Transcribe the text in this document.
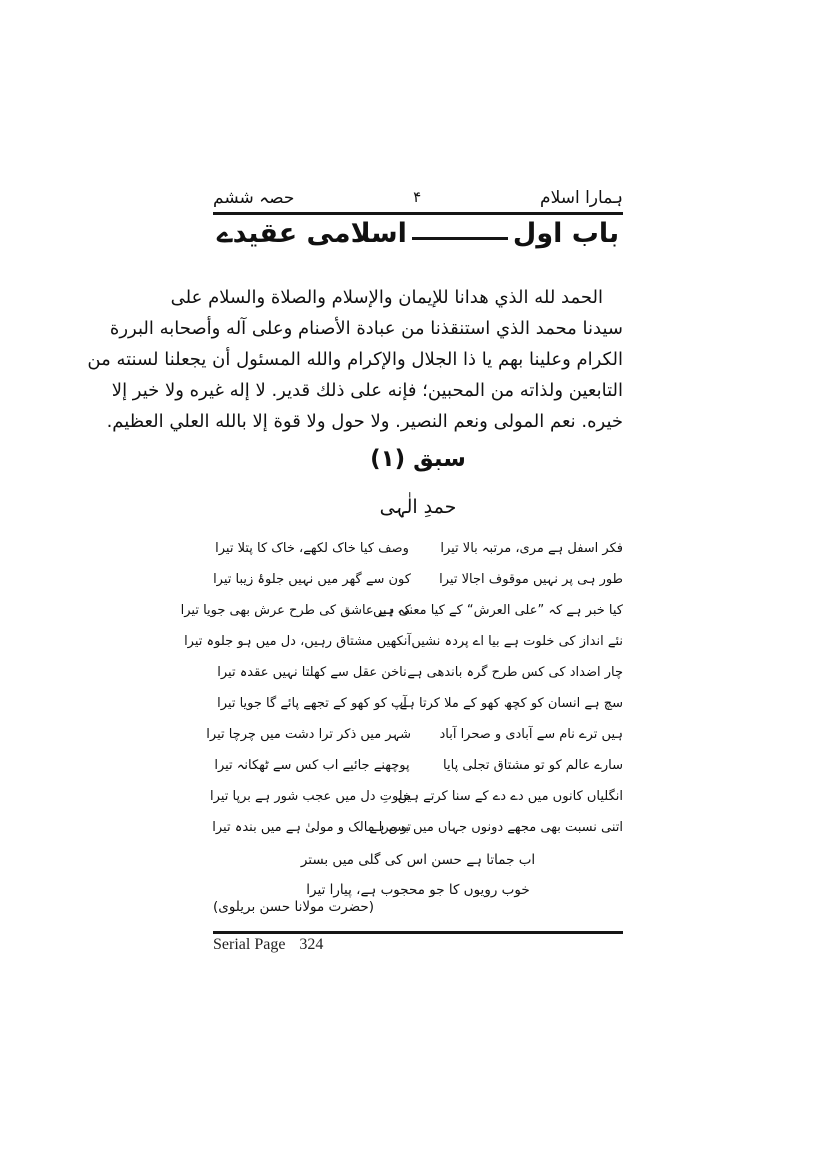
ہمارا اسلام
۴
حصہ ششم
باب اول
اسلامی عقیدے
الحمد لله الذي هدانا للإيمان والإسلام والصلاة والسلام على
سيدنا محمد الذي استنقذنا من عبادة الأصنام وعلى آله وأصحابه البررة
الكرام وعلينا بهم يا ذا الجلال والإكرام والله المسئول أن يجعلنا لسنته من
التابعين ولذاته من المحبين؛ فإنه على ذلك قدير. لا إله غيره ولا خير إلا
خيره. نعم المولى ونعم النصير. ولا حول ولا قوة إلا بالله العلي العظيم.
سبق (۱)
حمدِ الٰہی
فکر اسفل ہے مری، مرتبہ بالا تیرا
وصف کیا خاک لکھے، خاک کا پتلا تیرا
طور ہی پر نہیں موقوف اجالا تیرا
کون سے گھر میں نہیں جلوۂ زیبا تیرا
کیا خبر ہے کہ ”علی العرش“ کے کیا معنی ہیں
کہ ہے عاشق کی طرح عرش بھی جویا تیرا
نئے انداز کی خلوت ہے بیا اے پردہ نشیں
آنکھیں مشتاق رہیں، دل میں ہو جلوہ تیرا
چار اضداد کی کس طرح گرہ باندھی ہے
ناخن عقل سے کھلتا نہیں عقدہ تیرا
سچ ہے انسان کو کچھ کھو کے ملا کرتا ہے
آپ کو کھو کے تجھے پائے گا جویا تیرا
ہیں ترے نام سے آبادی و صحرا آباد
شہر میں ذکر ترا دشت میں چرچا تیرا
سارے عالم کو تو مشتاق تجلی پایا
پوچھنے جائیے اب کس سے ٹھکانہ تیرا
انگلیاں کانوں میں دے دے کے سنا کرتے ہیں
خلوتِ دل میں عجب شور ہے برپا تیرا
اتنی نسبت بھی مجھے دونوں جہاں میں بس ہے
تو مرا مالک و مولیٰ ہے میں بندہ تیرا
اب جماتا ہے حسن اس کی گلی میں بستر
خوب رویوں کا جو محجوب ہے، پیارا تیرا
(حضرت مولانا حسن بریلوی)
Serial Page 324
